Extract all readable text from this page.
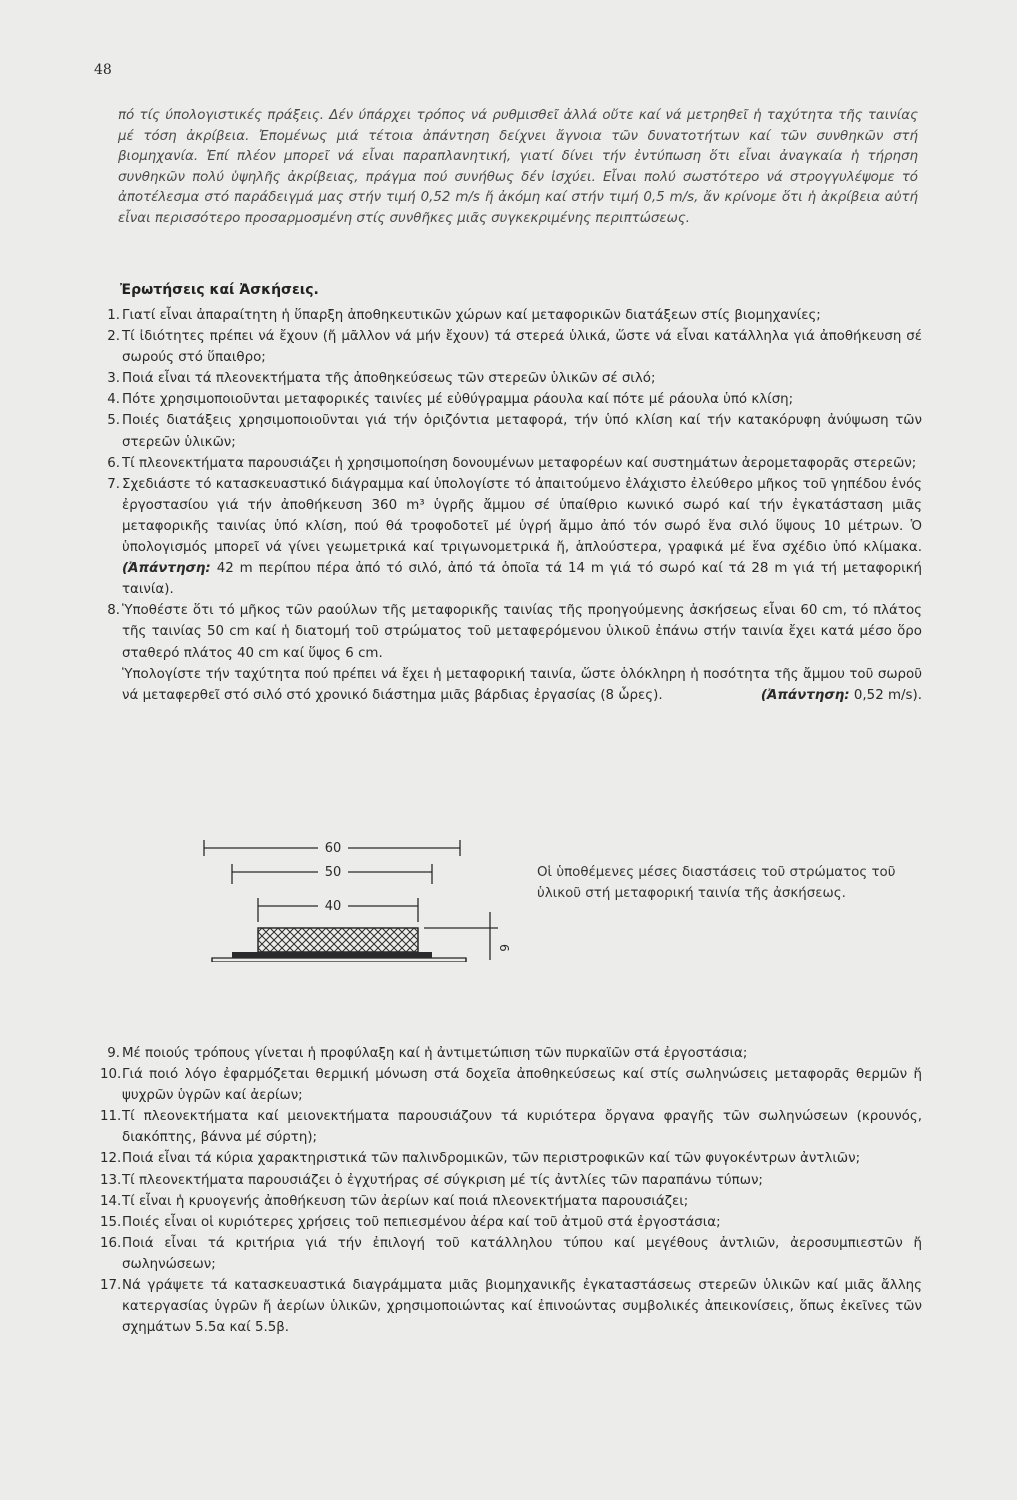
48

πό τίς ύπολογιστικές πράξεις. Δέν ύπάρχει τρόπος νά ρυθμισθεῖ ἀλλά οὔτε καί νά μετρηθεῖ ἡ ταχύτητα τῆς ταινίας μέ τόση ἀκρίβεια. Ἐπομένως μιά τέτοια ἀπάντηση δείχνει ἄγνοια τῶν δυνατοτήτων καί τῶν συνθηκῶν στή βιομηχανία. Ἐπί πλέον μπορεῖ νά εἶναι παραπλανητική, γιατί δίνει τήν ἐντύπωση ὅτι εἶναι ἀναγκαία ἡ τήρηση συνθηκῶν πολύ ὑψηλῆς ἀκρίβειας, πράγμα πού συνήθως δέν ἰσχύει. Εἶναι πολύ σωστότερο νά στρογγυλέψομε τό ἀποτέλεσμα στό παράδειγμά μας στήν τιμή 0,52 m/s ἤ ἀκόμη καί στήν τιμή 0,5 m/s, ἄν κρίνομε ὅτι ἡ ἀκρίβεια αὐτή εἶναι περισσότερο προσαρμοσμένη στίς συνθῆκες μιᾶς συγκεκριμένης περιπτώσεως.

Ἐρωτήσεις καί Ἀσκήσεις.
1. Γιατί εἶναι ἀπαραίτητη ἡ ὕπαρξη ἀποθηκευτικῶν χώρων καί μεταφορικῶν διατάξεων στίς βιομηχανίες;
2. Τί ἰδιότητες πρέπει νά ἔχουν (ἤ μᾶλλον νά μήν ἔχουν) τά στερεά ὑλικά, ὥστε νά εἶναι κατάλληλα γιά ἀποθήκευση σέ σωρούς στό ὕπαιθρο;
3. Ποιά εἶναι τά πλεονεκτήματα τῆς ἀποθηκεύσεως τῶν στερεῶν ὑλικῶν σέ σιλό;
4. Πότε χρησιμοποιοῦνται μεταφορικές ταινίες μέ εὐθύγραμμα ράουλα καί πότε μέ ράουλα ὑπό κλίση;
5. Ποιές διατάξεις χρησιμοποιοῦνται γιά τήν ὁριζόντια μεταφορά, τήν ὑπό κλίση καί τήν κατακόρυφη ἀνύψωση τῶν στερεῶν ὑλικῶν;
6. Τί πλεονεκτήματα παρουσιάζει ἡ χρησιμοποίηση δονουμένων μεταφορέων καί συστημάτων ἀερομεταφορᾶς στερεῶν;
7. Σχεδιάστε τό κατασκευαστικό διάγραμμα καί ὑπολογίστε τό ἀπαιτούμενο ἐλάχιστο ἐλεύθερο μῆκος τοῦ γηπέδου ἑνός ἐργοστασίου γιά τήν ἀποθήκευση 360 m³ ὑγρῆς ἄμμου σέ ὑπαίθριο κωνικό σωρό καί τήν ἐγκατάσταση μιᾶς μεταφορικῆς ταινίας ὑπό κλίση, πού θά τροφοδοτεῖ μέ ὑγρή ἄμμο ἀπό τόν σωρό ἕνα σιλό ὕψους 10 μέτρων. Ὁ ὑπολογισμός μπορεῖ νά γίνει γεωμετρικά καί τριγωνομετρικά ἤ, ἁπλούστερα, γραφικά μέ ἕνα σχέδιο ὑπό κλίμακα. (Ἀπάντηση: 42 m περίπου πέρα ἀπό τό σιλό, ἀπό τά ὁποῖα τά 14 m γιά τό σωρό καί τά 28 m γιά τή μεταφορική ταινία).
8. Ὑποθέστε ὅτι τό μῆκος τῶν ραούλων τῆς μεταφορικῆς ταινίας τῆς προηγούμενης ἀσκήσεως εἶναι 60 cm, τό πλάτος τῆς ταινίας 50 cm καί ἡ διατομή τοῦ στρώματος τοῦ μεταφερόμενου ὑλικοῦ ἐπάνω στήν ταινία ἔχει κατά μέσο ὅρο σταθερό πλάτος 40 cm καί ὕψος 6 cm.
Ὑπολογίστε τήν ταχύτητα πού πρέπει νά ἔχει ἡ μεταφορική ταινία, ὥστε ὁλόκληρη ἡ ποσότητα τῆς ἄμμου τοῦ σωροῦ νά μεταφερθεῖ στό σιλό στό χρονικό διάστημα μιᾶς βάρδιας ἐργασίας (8 ὧρες).	(Ἀπάντηση: 0,52 m/s).
60
50
40
6
Οἱ ὑποθέμενες μέσες διαστάσεις τοῦ στρώματος τοῦ ὑλικοῦ στή μεταφορική ταινία τῆς ἀσκήσεως.
9. Μέ ποιούς τρόπους γίνεται ἡ προφύλαξη καί ἡ ἀντιμετώπιση τῶν πυρκαϊῶν στά ἐργοστάσια;
10. Γιά ποιό λόγο ἐφαρμόζεται θερμική μόνωση στά δοχεῖα ἀποθηκεύσεως καί στίς σωληνώσεις μεταφορᾶς θερμῶν ἤ ψυχρῶν ὑγρῶν καί ἀερίων;
11. Τί πλεονεκτήματα καί μειονεκτήματα παρουσιάζουν τά κυριότερα ὄργανα φραγῆς τῶν σωληνώσεων (κρουνός, διακόπτης, βάννα μέ σύρτη);
12. Ποιά εἶναι τά κύρια χαρακτηριστικά τῶν παλινδρομικῶν, τῶν περιστροφικῶν καί τῶν φυγοκέντρων ἀντλιῶν;
13. Τί πλεονεκτήματα παρουσιάζει ὁ ἐγχυτήρας σέ σύγκριση μέ τίς ἀντλίες τῶν παραπάνω τύπων;
14. Τί εἶναι ἡ κρυογενής ἀποθήκευση τῶν ἀερίων καί ποιά πλεονεκτήματα παρουσιάζει;
15. Ποιές εἶναι οἱ κυριότερες χρήσεις τοῦ πεπιεσμένου ἀέρα καί τοῦ ἀτμοῦ στά ἐργοστάσια;
16. Ποιά εἶναι τά κριτήρια γιά τήν ἐπιλογή τοῦ κατάλληλου τύπου καί μεγέθους ἀντλιῶν, ἀεροσυμπιεστῶν ἤ σωληνώσεων;
17. Νά γράψετε τά κατασκευαστικά διαγράμματα μιᾶς βιομηχανικῆς ἐγκαταστάσεως στερεῶν ὑλικῶν καί μιᾶς ἄλλης κατεργασίας ὑγρῶν ἤ ἀερίων ὑλικῶν, χρησιμοποιώντας καί ἐπινοώντας συμβολικές ἀπεικονίσεις, ὅπως ἐκεῖνες τῶν σχημάτων 5.5α καί 5.5β.
